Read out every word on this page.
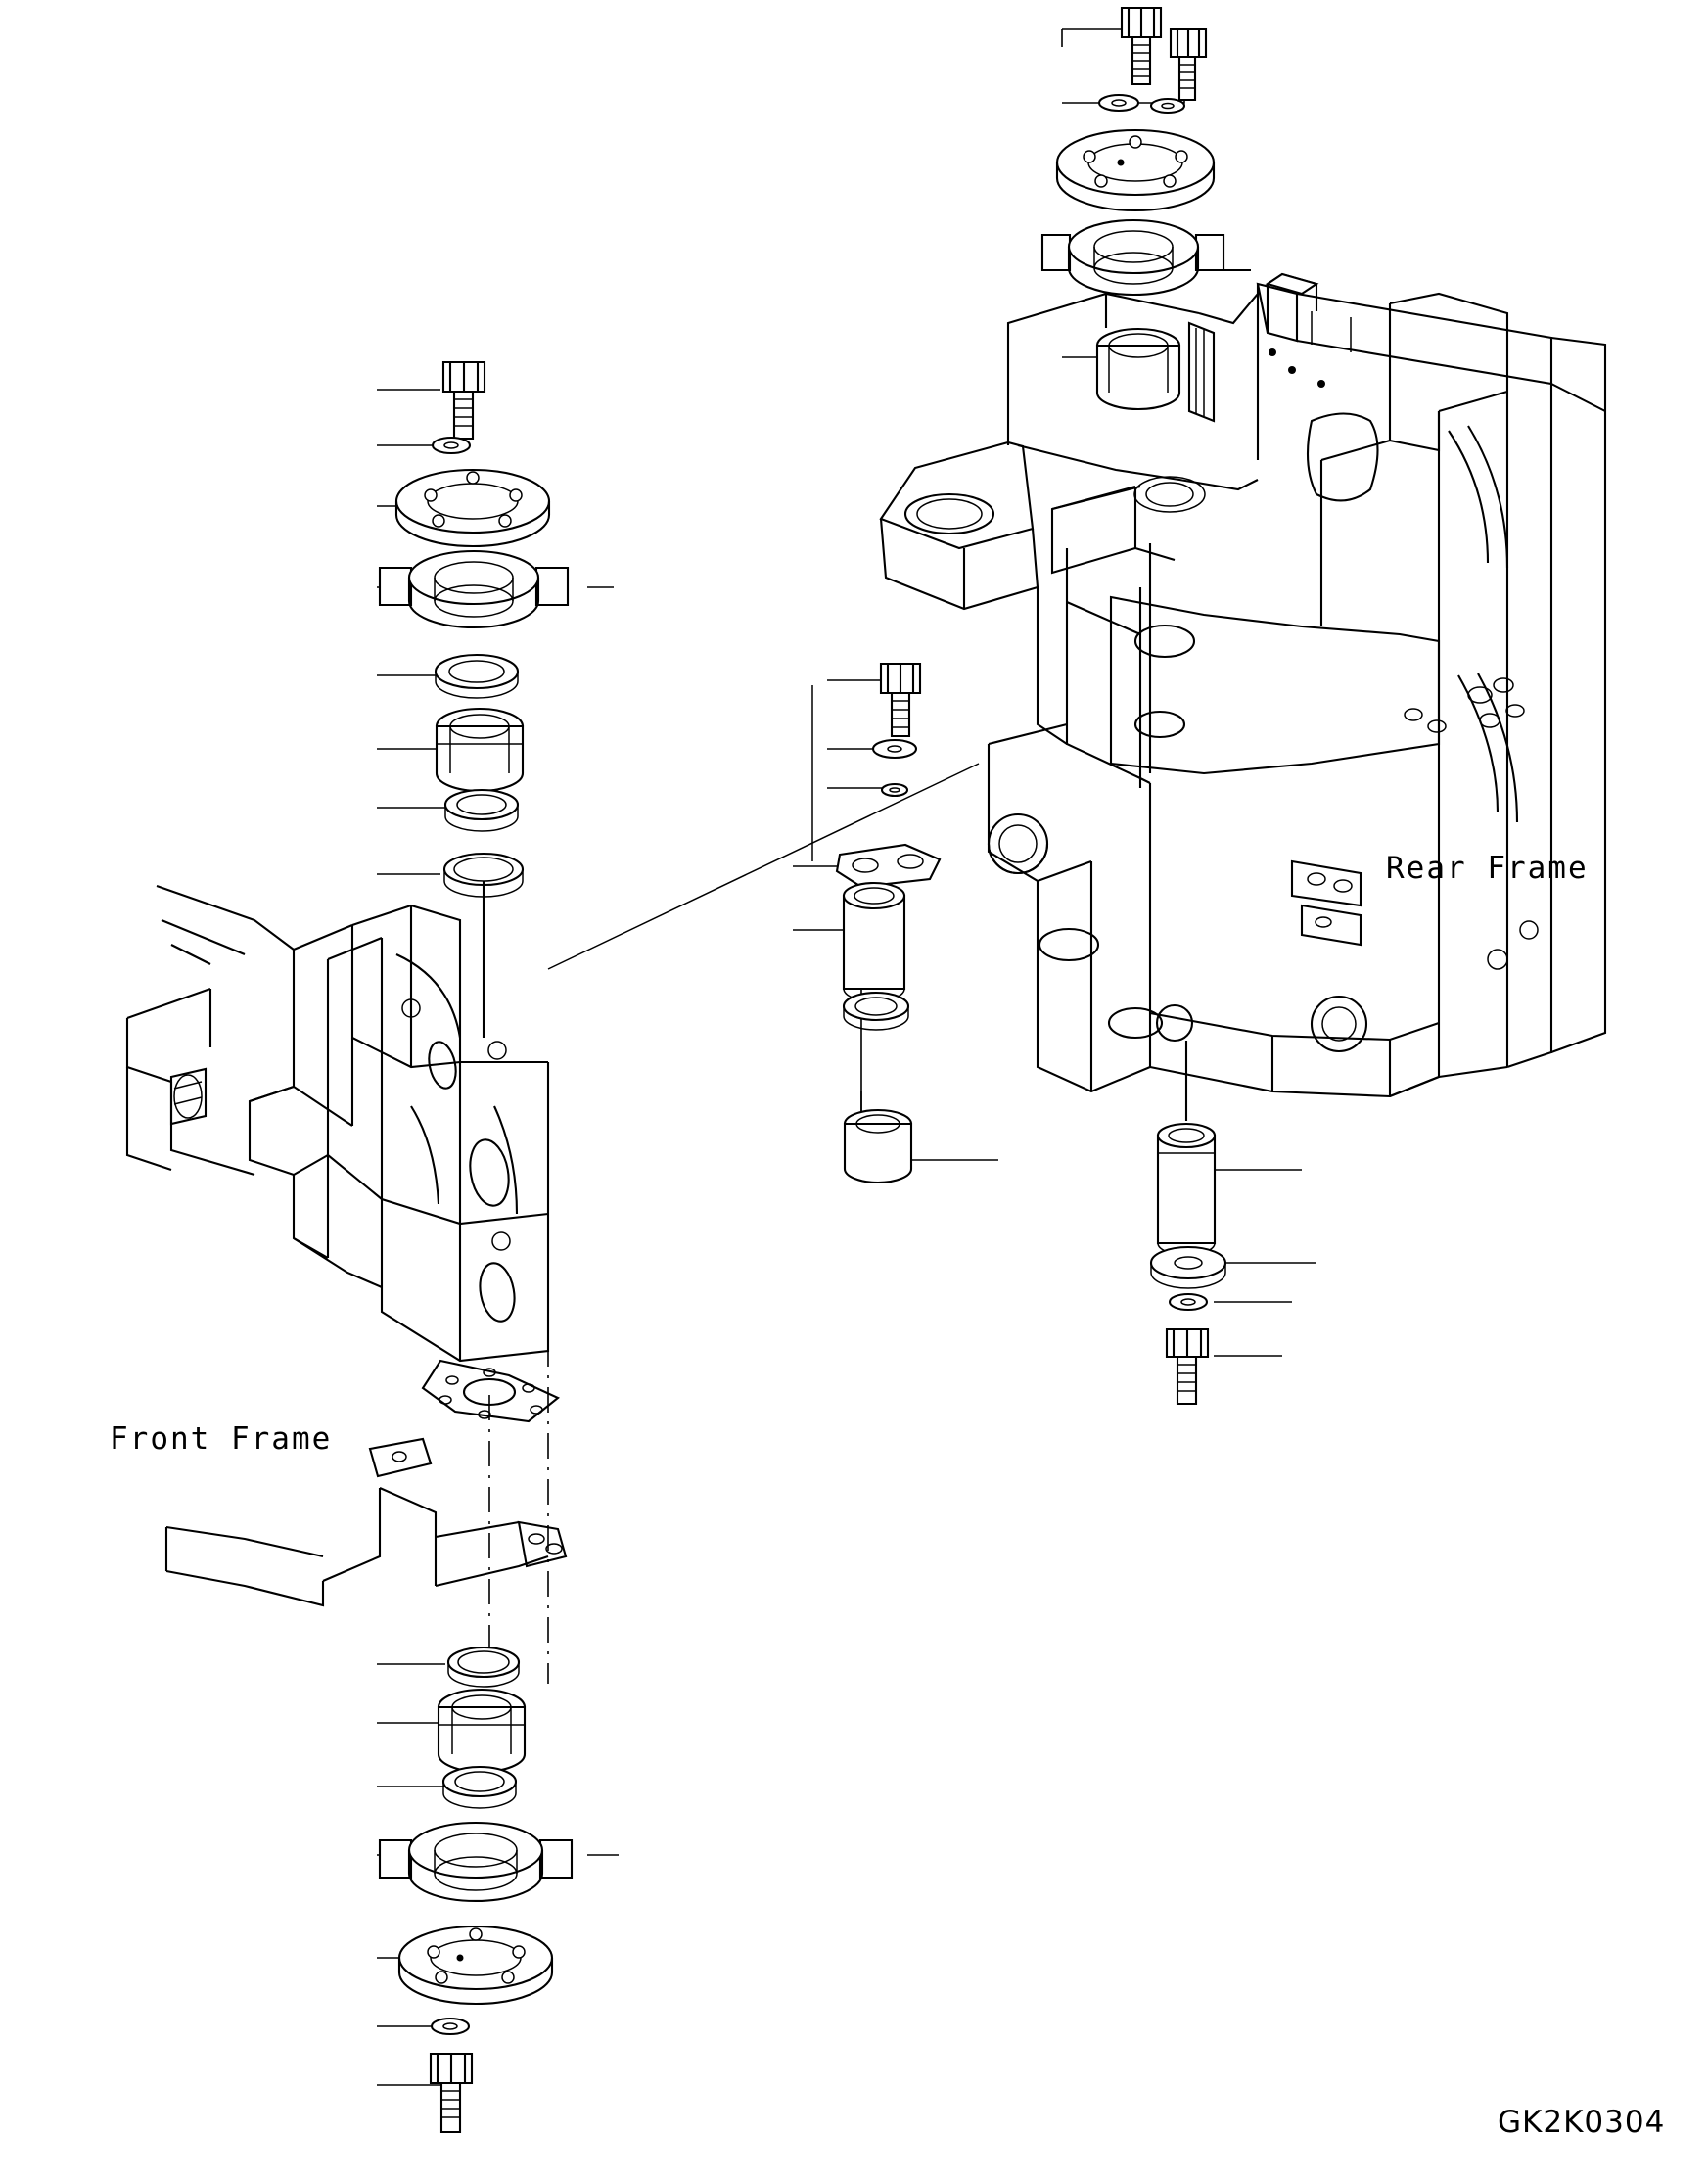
Front Frame
Rear Frame
GK2K0304
